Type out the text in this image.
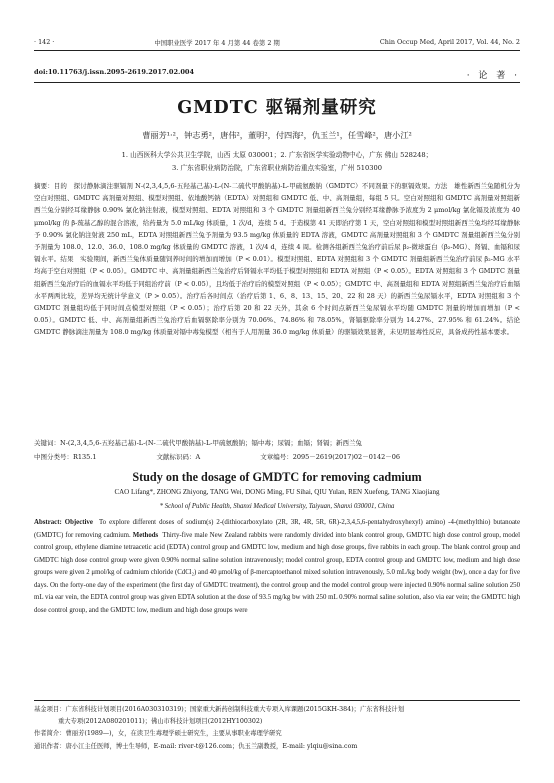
· 142 ·	中国职业医学 2017 年 4 月第 44 卷第 2 期	Chin Occup Med, April 2017, Vol. 44, No. 2
doi:10.11763/j.issn.2095-2619.2017.02.004	· 论 著 ·
GMDTC 驱镉剂量研究
曹丽芳¹·²，钟志勇²，唐伟²，董明²，付四海²，仇玉兰¹，任雪峰²，唐小江²
1. 山西医科大学公共卫生学院，山西 太原 030001；2. 广东省医学实验动物中心，广东 佛山 528248；
3. 广东省职业病防治院，广东省职业病防治重点实验室，广州 510300
摘要：目的　 探讨静脉滴注驱镉剂 N-(2,3,4,5,6-五羟基己基)-L-(N-二硫代甲酸钠基)-L-甲硫氨酸钠（GMDTC）不同剂量下的驱镉效果。方法　雄性新西兰兔随机分为空白对照组、GMDTC 高剂量对照组、模型对照组、依地酸钙钠（EDTA）对照组和 GMDTC 低、中、高剂量组，每组 5 只。空白对照组和 GMDTC 高剂量对照组新西兰兔分别经耳缘静脉 0.90% 氯化钠注射液，模型对照组、EDTA 对照组和 3 个 GMDTC 剂量组新西兰兔分别经耳缘静脉予浓度为 2 μmol/kg 氯化镉及浓度为 40 μmol/kg 的 β-巯基乙醇的混合溶液，给药量为 5.0 mL/kg 体质量，1 次/d，连续 5 d。于造模第 41 天即治疗第 1 天，空白对照组和模型对照组新西兰兔均经耳缘静脉予 0.90% 氯化钠注射液 250 mL，EDTA 对照组新西兰兔予剂量为 93.5 mg/kg 体质量的 EDTA 溶液，GMDTC 高剂量对照组和 3 个 GMDTC 剂量组新西兰兔分别予剂量为 108.0、12.0、36.0、108.0 mg/kg 体质量的 GMDTC 溶液，1 次/4 d，连续 4 周。检测各组新西兰兔治疗前后尿 β₂-微球蛋白（β₂-MG）、肾镉、血镉和尿镉水平。结果　实验期间，新西兰兔体质量随饲养时间的增加而增加（P < 0.01）。模型对照组、EDTA 对照组和 3 个 GMDTC 剂量组新西兰兔治疗前尿 β₂-MG 水平均高于空白对照组（P < 0.05）。GMDTC 中、高剂量组新西兰兔治疗后肾镉水平均低于模型对照组和 EDTA 对照组（P < 0.05）。EDTA 对照组和 3 个 GMDTC 剂量组新西兰兔治疗后的血镉水平均低于同组治疗前（P < 0.05），且均低于治疗后的模型对照组（P < 0.05）；GMDTC 中、高剂量组和 EDTA 对照组新西兰兔治疗后血镉水平两两比较，差异均无统计学意义（P > 0.05）。治疗后各时间点（治疗后第 1、6、8、13、15、20、22 和 28 天）的新西兰兔尿镉水平，EDTA 对照组和 3 个 GMDTC 剂量组均低于同时间点模型对照组（P < 0.05）；治疗后第 20 和 22 天外，其余 6 个时间点新西兰兔尿镉水平均随 GMDTC 剂量的增加而增加（P < 0.05）。GMDTC 低、中、高剂量组新西兰兔治疗后血镉驱除率分别为 70.06%、74.86% 和 78.05%，肾镉驱除率分别为 14.27%、27.95% 和 61.24%。结论　GMDTC 静脉滴注剂量为 108.0 mg/kg 体质量对镉中毒兔模型（相当于人用剂量 36.0 mg/kg 体质量）的驱镉效果显著，未见明显毒性反应，具备成药性基本要求。
关键词：N-(2,3,4,5,6-五羟基己基)-L-(N-二硫代甲酸钠基)-L-甲硫氨酸钠；镉中毒；尿镉；血镉；肾镉；新西兰兔
中图分类号：R135.1	文献标识码：A	文章编号：2095－2619(2017)02－0142－06
Study on the dosage of GMDTC for removing cadmium
CAO Lifang*, ZHONG Zhiyong, TANG Wei, DONG Ming, FU Sihai, QIU Yulan, REN Xuefeng, TANG Xiaojiang
* School of Public Health, Shanxi Medical University, Taiyuan, Shanxi 030001, China
Abstract: Objective To explore different doses of sodium(s) 2-(dithiocarboxylato (2R, 3R, 4R, 5R, 6R)-2,3,4,5,6-pentahydroxyhexyl) amino) -4-(methylthio) butanoate (GMDTC) for removing cadmium. Methods Thirty-five male New Zealand rabbits were randomly divided into blank control group, GMDTC high dose control group, model control group, ethylene diamine tetraacetic acid (EDTA) control group and GMDTC low, medium and high dose groups, five rabbits in each group. The blank control group and GMDTC high dose control group were given 0.90% normal saline solution intravenously; model control group, EDTA control group and GMDTC low, medium and high dose groups were given 2 μmol/kg of cadmium chloride (CdCl₂) and 40 μmol/kg of β-mercaptoethanol mixed solution intravenously, 5.0 mL/kg body weight (bw), once a day for five days. On the forty-one day of the experiment (the first day of GMDTC treatment), the control group and the model control group were injected 0.90% normal saline solution 250 mL via ear vein, the EDTA control group was given EDTA solution at the dose of 93.5 mg/kg bw with 250 mL 0.90% normal saline solution, also via ear vein; the GMDTC high dose control group, and the GMDTC low, medium and high dose groups were
基金项目：广东省科技计划项目(2016A030310319)；国家重大新药创制科技重大专项入库课题(2015GKH-384)；广东省科技计划
重大专项(2012A080201011)；佛山市科技计划项目(2012HY100302)
作者简介：曹丽芳(1989—)，女，在读卫生毒理学硕士研究生，主要从事职业毒理学研究
通讯作者：唐小江主任医师，博士生导师，E-mail: river-t@126.com；仇玉兰副教授，E-mail: ylqiu@sina.com
